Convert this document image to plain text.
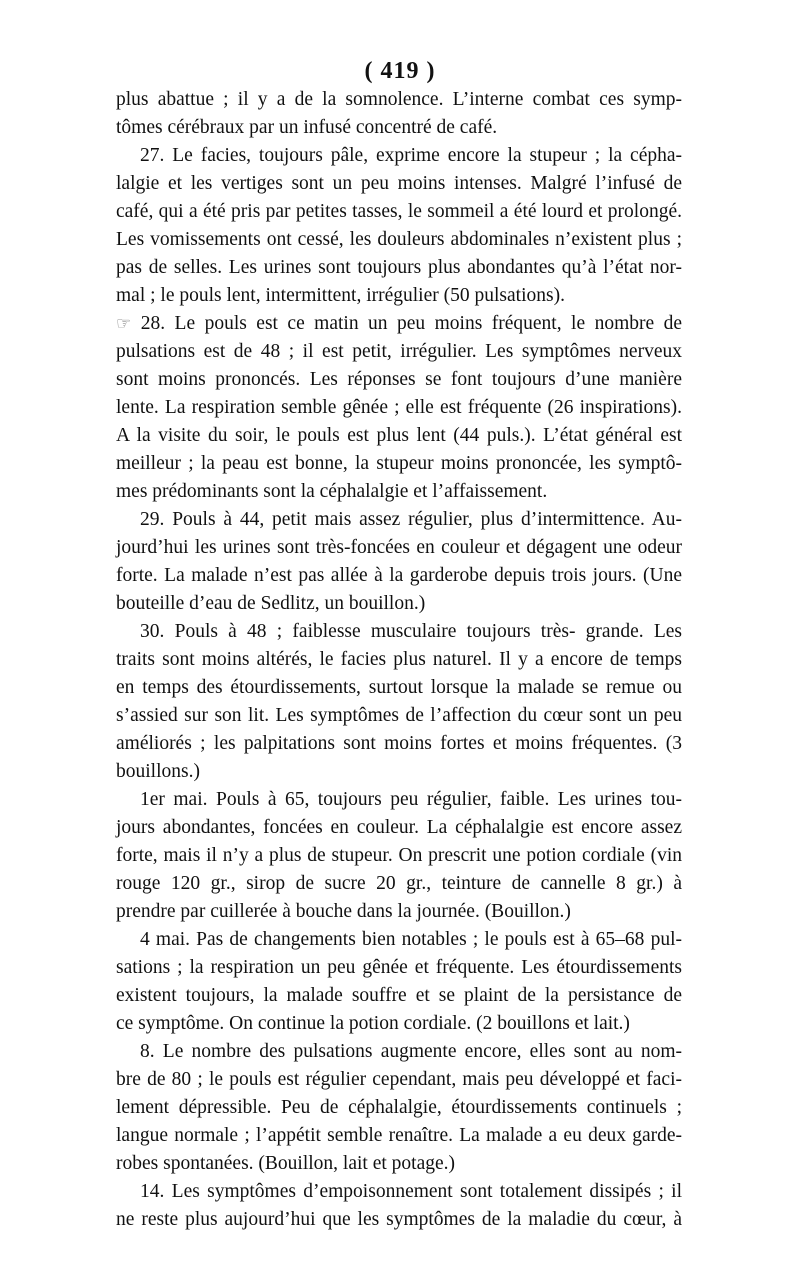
( 419 )
plus abattue ; il y a de la somnolence. L’interne combat ces symp-
tômes cérébraux par un infusé concentré de café.
27. Le facies, toujours pâle, exprime encore la stupeur ; la cépha-
lalgie et les vertiges sont un peu moins intenses. Malgré l’infusé de
café, qui a été pris par petites tasses, le sommeil a été lourd et prolongé.
Les vomissements ont cessé, les douleurs abdominales n’existent plus ;
pas de selles. Les urines sont toujours plus abondantes qu’à l’état nor-
mal ; le pouls lent, intermittent, irrégulier (50 pulsations).
☞ 28. Le pouls est ce matin un peu moins fréquent, le nombre de
pulsations est de 48 ; il est petit, irrégulier. Les symptômes nerveux
sont moins prononcés. Les réponses se font toujours d’une manière
lente. La respiration semble gênée ; elle est fréquente (26 inspirations).
A la visite du soir, le pouls est plus lent (44 puls.). L’état général est
meilleur ; la peau est bonne, la stupeur moins prononcée, les symptô-
mes prédominants sont la céphalalgie et l’affaissement.
29. Pouls à 44, petit mais assez régulier, plus d’intermittence. Au-
jourd’hui les urines sont très-foncées en couleur et dégagent une odeur
forte. La malade n’est pas allée à la garderobe depuis trois jours. (Une
bouteille d’eau de Sedlitz, un bouillon.)
30. Pouls à 48 ; faiblesse musculaire toujours très- grande. Les
traits sont moins altérés, le facies plus naturel. Il y a encore de temps
en temps des étourdissements, surtout lorsque la malade se remue ou
s’assied sur son lit. Les symptômes de l’affection du cœur sont un peu
améliorés ; les palpitations sont moins fortes et moins fréquentes. (3
bouillons.)
1er mai. Pouls à 65, toujours peu régulier, faible. Les urines tou-
jours abondantes, foncées en couleur. La céphalalgie est encore assez
forte, mais il n’y a plus de stupeur. On prescrit une potion cordiale (vin
rouge 120 gr., sirop de sucre 20 gr., teinture de cannelle 8 gr.) à
prendre par cuillerée à bouche dans la journée. (Bouillon.)
4 mai. Pas de changements bien notables ; le pouls est à 65–68 pul-
sations ; la respiration un peu gênée et fréquente. Les étourdissements
existent toujours, la malade souffre et se plaint de la persistance de
ce symptôme. On continue la potion cordiale. (2 bouillons et lait.)
8. Le nombre des pulsations augmente encore, elles sont au nom-
bre de 80 ; le pouls est régulier cependant, mais peu développé et faci-
lement dépressible. Peu de céphalalgie, étourdissements continuels ;
langue normale ; l’appétit semble renaître. La malade a eu deux garde-
robes spontanées. (Bouillon, lait et potage.)
14. Les symptômes d’empoisonnement sont totalement dissipés ; il
ne reste plus aujourd’hui que les symptômes de la maladie du cœur, à
